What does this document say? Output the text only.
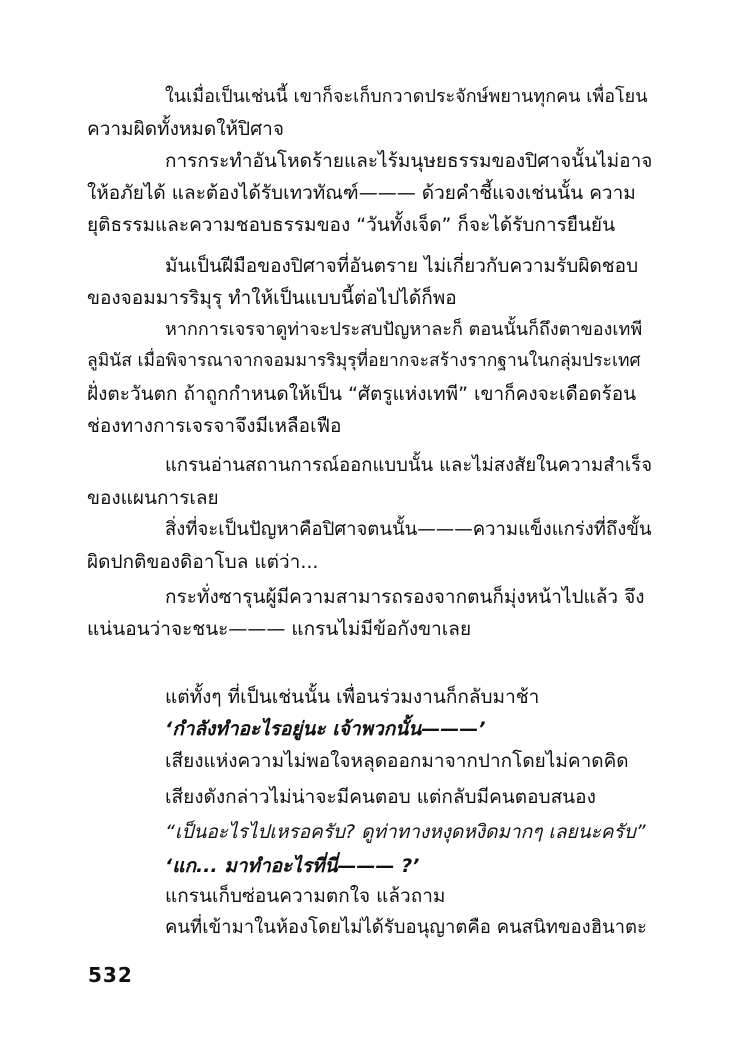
ในเมื่อเป็นเช่นนี้ เขาก็จะเก็บกวาดประจักษ์พยานทุกคน เพื่อโยน
ความผิดทั้งหมดให้ปิศาจ
การกระทำอันโหดร้ายและไร้มนุษยธรรมของปิศาจนั้นไม่อาจ
ให้อภัยได้ และต้องได้รับเทวทัณฑ์——— ด้วยคำชี้แจงเช่นนั้น ความ
ยุติธรรมและความชอบธรรมของ “วันทั้งเจ็ด” ก็จะได้รับการยืนยัน
มันเป็นฝีมือของปิศาจที่อันตราย ไม่เกี่ยวกับความรับผิดชอบ
ของจอมมารริมุรุ ทำให้เป็นแบบนี้ต่อไปได้ก็พอ
หากการเจรจาดูท่าจะประสบปัญหาละก็ ตอนนั้นก็ถึงตาของเทพี
ลูมินัส เมื่อพิจารณาจากจอมมารริมุรุที่อยากจะสร้างรากฐานในกลุ่มประเทศ
ฝั่งตะวันตก ถ้าถูกกำหนดให้เป็น “ศัตรูแห่งเทพี” เขาก็คงจะเดือดร้อน
ช่องทางการเจรจาจึงมีเหลือเฟือ
แกรนอ่านสถานการณ์ออกแบบนั้น และไม่สงสัยในความสำเร็จ
ของแผนการเลย
สิ่งที่จะเป็นปัญหาคือปิศาจตนนั้น———ความแข็งแกร่งที่ถึงขั้น
ผิดปกติของดิอาโบล แต่ว่า...
กระทั่งซารุนผู้มีความสามารถรองจากตนก็มุ่งหน้าไปแล้ว จึง
แน่นอนว่าจะชนะ——— แกรนไม่มีข้อกังขาเลย
แต่ทั้งๆ ที่เป็นเช่นนั้น เพื่อนร่วมงานก็กลับมาช้า
‘กำลังทำอะไรอยู่นะ เจ้าพวกนั้น———’
เสียงแห่งความไม่พอใจหลุดออกมาจากปากโดยไม่คาดคิด
เสียงดังกล่าวไม่น่าจะมีคนตอบ แต่กลับมีคนตอบสนอง
“เป็นอะไรไปเหรอครับ? ดูท่าทางหงุดหงิดมากๆ เลยนะครับ”
‘แก... มาทำอะไรที่นี่——— ?’
แกรนเก็บซ่อนความตกใจ แล้วถาม
คนที่เข้ามาในห้องโดยไม่ได้รับอนุญาตคือ คนสนิทของฮินาตะ
532
